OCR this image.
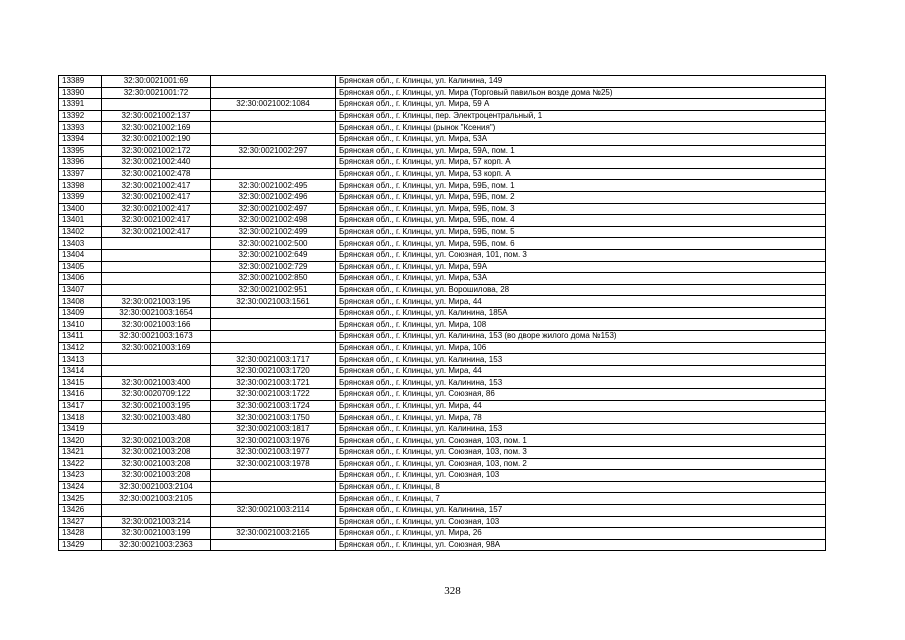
13389	32:30:0021001:69		Брянская обл., г. Клинцы, ул. Калинина, 149
13390	32:30:0021001:72		Брянская обл., г. Клинцы, ул. Мира (Торговый павильон возде дома №25)
13391		32:30:0021002:1084	Брянская обл., г. Клинцы, ул. Мира, 59 А
13392	32:30:0021002:137		Брянская обл., г. Клинцы, пер. Электроцентральный, 1
13393	32:30:0021002:169		Брянская обл., г. Клинцы (рынок "Ксения")
13394	32:30:0021002:190		Брянская обл., г. Клинцы, ул. Мира, 53А
13395	32:30:0021002:172	32:30:0021002:297	Брянская обл., г. Клинцы, ул. Мира, 59А, пом. 1
13396	32:30:0021002:440		Брянская обл., г. Клинцы, ул. Мира, 57 корп. А
13397	32:30:0021002:478		Брянская обл., г. Клинцы, ул. Мира, 53 корп. А
13398	32:30:0021002:417	32:30:0021002:495	Брянская обл., г. Клинцы, ул. Мира, 59Б, пом. 1
13399	32:30:0021002:417	32:30:0021002:496	Брянская обл., г. Клинцы, ул. Мира, 59Б, пом. 2
13400	32:30:0021002:417	32:30:0021002:497	Брянская обл., г. Клинцы, ул. Мира, 59Б, пом. 3
13401	32:30:0021002:417	32:30:0021002:498	Брянская обл., г. Клинцы, ул. Мира, 59Б, пом. 4
13402	32:30:0021002:417	32:30:0021002:499	Брянская обл., г. Клинцы, ул. Мира, 59Б, пом. 5
13403		32:30:0021002:500	Брянская обл., г. Клинцы, ул. Мира, 59Б, пом. 6
13404		32:30:0021002:649	Брянская обл., г. Клинцы, ул. Союзная, 101, пом. 3
13405		32:30:0021002:729	Брянская обл., г. Клинцы, ул. Мира, 59А
13406		32:30:0021002:850	Брянская обл., г. Клинцы, ул. Мира, 53А
13407		32:30:0021002:951	Брянская обл., г. Клинцы, ул. Ворошилова, 28
13408	32:30:0021003:195	32:30:0021003:1561	Брянская обл., г. Клинцы, ул. Мира, 44
13409	32:30:0021003:1654		Брянская обл., г. Клинцы, ул. Калинина, 185А
13410	32:30:0021003:166		Брянская обл., г. Клинцы, ул. Мира, 108
13411	32:30:0021003:1673		Брянская обл., г. Клинцы, ул. Калинина, 153 (во дворе жилого дома №153)
13412	32:30:0021003:169		Брянская обл., г. Клинцы, ул. Мира, 106
13413		32:30:0021003:1717	Брянская обл., г. Клинцы, ул. Калинина, 153
13414		32:30:0021003:1720	Брянская обл., г. Клинцы, ул. Мира, 44
13415	32:30:0021003:400	32:30:0021003:1721	Брянская обл., г. Клинцы, ул. Калинина, 153
13416	32:30:0020709:122	32:30:0021003:1722	Брянская обл., г. Клинцы, ул. Союзная, 86
13417	32:30:0021003:195	32:30:0021003:1724	Брянская обл., г. Клинцы, ул. Мира, 44
13418	32:30:0021003:480	32:30:0021003:1750	Брянская обл., г. Клинцы, ул. Мира, 78
13419		32:30:0021003:1817	Брянская обл., г. Клинцы, ул. Калинина, 153
13420	32:30:0021003:208	32:30:0021003:1976	Брянская обл., г. Клинцы, ул. Союзная, 103, пом. 1
13421	32:30:0021003:208	32:30:0021003:1977	Брянская обл., г. Клинцы, ул. Союзная, 103, пом. 3
13422	32:30:0021003:208	32:30:0021003:1978	Брянская обл., г. Клинцы, ул. Союзная, 103, пом. 2
13423	32:30:0021003:208		Брянская обл., г. Клинцы, ул. Союзная, 103
13424	32:30:0021003:2104		Брянская обл., г. Клинцы, 8
13425	32:30:0021003:2105		Брянская обл., г. Клинцы, 7
13426		32:30:0021003:2114	Брянская обл., г. Клинцы, ул. Калинина, 157
13427	32:30:0021003:214		Брянская обл., г. Клинцы, ул. Союзная, 103
13428	32:30:0021003:199	32:30:0021003:2165	Брянская обл., г. Клинцы, ул. Мира, 26
13429	32:30:0021003:2363		Брянская обл., г. Клинцы, ул. Союзная, 98А
328
